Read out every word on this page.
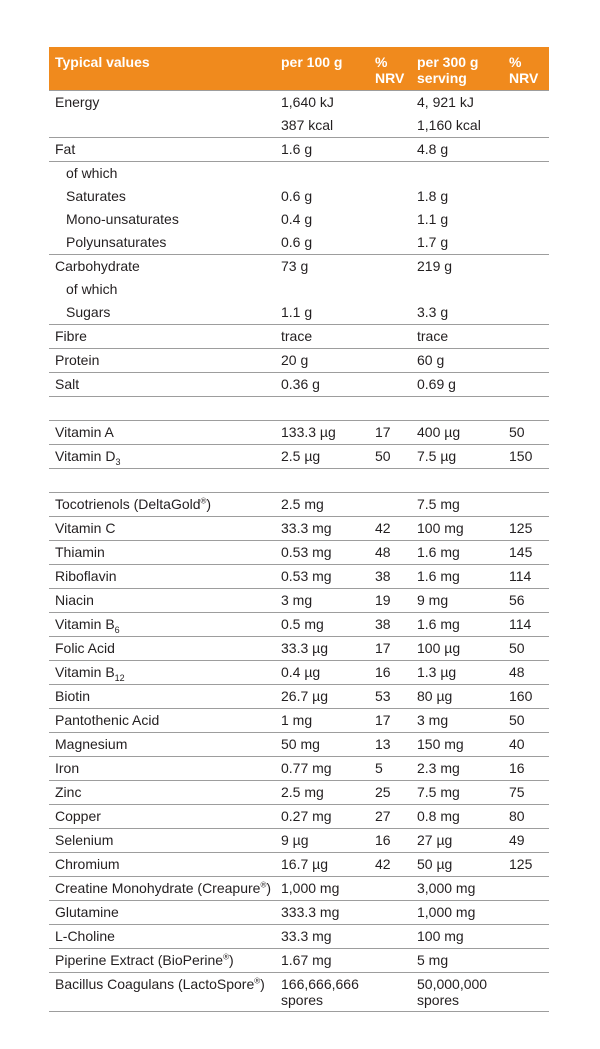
Typical values	per 100 g	% NRV	per 300 g serving	% NRV
Energy	1,640 kJ		4, 921 kJ	
	387 kcal		1,160 kcal	
Fat	1.6 g		4.8 g	
of which				
Saturates	0.6 g		1.8 g	
Mono-unsaturates	0.4 g		1.1 g	
Polyunsaturates	0.6 g		1.7 g	
Carbohydrate	73 g		219 g	
of which				
Sugars	1.1 g		3.3 g	
Fibre	trace		trace	
Protein	20 g		60 g	
Salt	0.36 g		0.69 g	

Vitamin A	133.3 µg	17	400 µg	50
Vitamin $D_3$	2.5 µg	50	7.5 µg	150

Tocotrienols (DeltaGold®)	2.5 mg		7.5 mg	
Vitamin C	33.3 mg	42	100 mg	125
Thiamin	0.53 mg	48	1.6 mg	145
Riboflavin	0.53 mg	38	1.6 mg	114
Niacin	3 mg	19	9 mg	56
Vitamin $B_6$	0.5 mg	38	1.6 mg	114
Folic Acid	33.3 µg	17	100 µg	50
Vitamin $B_{12}$	0.4 µg	16	1.3 µg	48
Biotin	26.7 µg	53	80 µg	160
Pantothenic Acid	1 mg	17	3 mg	50
Magnesium	50 mg	13	150 mg	40
Iron	0.77 mg	5	2.3 mg	16
Zinc	2.5 mg	25	7.5 mg	75
Copper	0.27 mg	27	0.8 mg	80
Selenium	9 µg	16	27 µg	49
Chromium	16.7 µg	42	50 µg	125
Creatine Monohydrate (Creapure®)	1,000 mg		3,000 mg	
Glutamine	333.3 mg		1,000 mg	
L-Choline	33.3 mg		100 mg	
Piperine Extract (BioPerine®)	1.67 mg		5 mg	
Bacillus Coagulans (LactoSpore®)	166,666,666 spores		50,000,000 spores	
